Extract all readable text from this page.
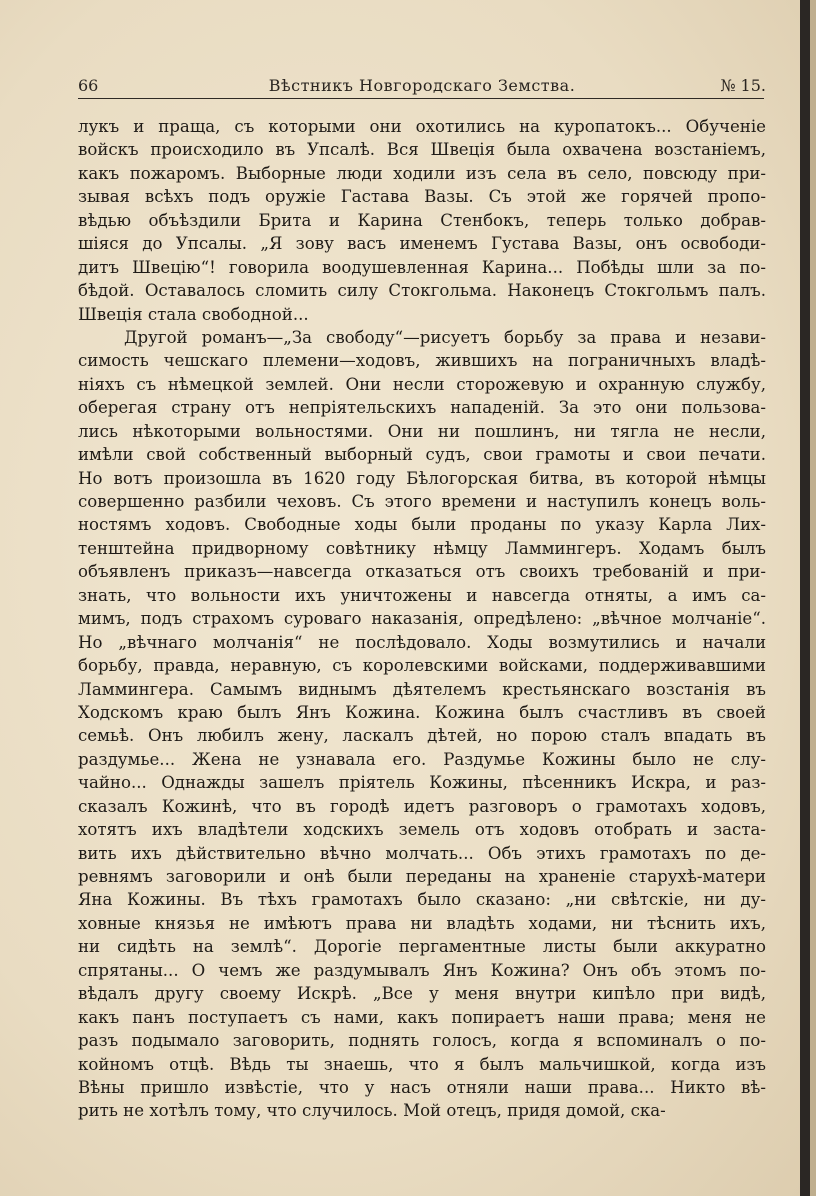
66	Вѣстникъ Новгородскаго Земства.	№ 15.
лукъ и праща, съ которыми они охотились на куропатокъ... Обученіе
войскъ происходило въ Упсалѣ. Вся Швеція была охвачена возстаніемъ,
какъ пожаромъ. Выборные люди ходили изъ села въ село, повсюду при-
зывая всѣхъ подъ оружіе Гастава Вазы. Съ этой же горячей пропо-
вѣдью объѣздили Брита и Карина Стенбокъ, теперь только добрав-
шіяся до Упсалы. „Я зову васъ именемъ Густава Вазы, онъ освободи-
дитъ Швецію“! говорила воодушевленная Карина... Побѣды шли за по-
бѣдой. Оставалось сломить силу Стокгольма. Наконецъ Стокгольмъ палъ.
Швеція стала свободной...
Другой романъ—„За свободу“—рисуетъ борьбу за права и незави-
симость чешскаго племени—ходовъ, жившихъ на пограничныхъ владѣ-
ніяхъ съ нѣмецкой землей. Они несли сторожевую и охранную службу,
оберегая страну отъ непріятельскихъ нападеній. За это они пользова-
лись нѣкоторыми вольностями. Они ни пошлинъ, ни тягла не несли,
имѣли свой собственный выборный судъ, свои грамоты и свои печати.
Но вотъ произошла въ 1620 году Бѣлогорская битва, въ которой нѣмцы
совершенно разбили чеховъ. Съ этого времени и наступилъ конецъ воль-
ностямъ ходовъ. Свободные ходы были проданы по указу Карла Лих-
тенштейна придворному совѣтнику нѣмцу Ламмингеръ. Ходамъ былъ
объявленъ приказъ—навсегда отказаться отъ своихъ требованій и при-
знать, что вольности ихъ уничтожены и навсегда отняты, а имъ са-
мимъ, подъ страхомъ суроваго наказанія, опредѣлено: „вѣчное молчаніе“.
Но „вѣчнаго молчанія“ не послѣдовало. Ходы возмутились и начали
борьбу, правда, неравную, съ королевскими войсками, поддерживавшими
Ламмингера. Самымъ виднымъ дѣятелемъ крестьянскаго возстанія въ
Ходскомъ краю былъ Янъ Кожина. Кожина былъ счастливъ въ своей
семьѣ. Онъ любилъ жену, ласкалъ дѣтей, но порою сталъ впадать въ
раздумье... Жена не узнавала его. Раздумье Кожины было не слу-
чайно... Однажды зашелъ пріятель Кожины, пѣсенникъ Искра, и раз-
сказалъ Кожинѣ, что въ городѣ идетъ разговоръ о грамотахъ ходовъ,
хотятъ ихъ владѣтели ходскихъ земель отъ ходовъ отобрать и заста-
вить ихъ дѣйствительно вѣчно молчать... Объ этихъ грамотахъ по де-
ревнямъ заговорили и онѣ были переданы на храненіе старухѣ-матери
Яна Кожины. Въ тѣхъ грамотахъ было сказано: „ни свѣтскіе, ни ду-
ховные князья не имѣютъ права ни владѣть ходами, ни тѣснить ихъ,
ни сидѣть на землѣ“. Дорогіе пергаментные листы были аккуратно
спрятаны... О чемъ же раздумывалъ Янъ Кожина? Онъ объ этомъ по-
вѣдалъ другу своему Искрѣ. „Все у меня внутри кипѣло при видѣ,
какъ панъ поступаетъ съ нами, какъ попираетъ наши права; меня не
разъ подымало заговорить, поднять голосъ, когда я вспоминалъ о по-
койномъ отцѣ. Вѣдь ты знаешь, что я былъ мальчишкой, когда изъ
Вѣны пришло извѣстіе, что у насъ отняли наши права... Никто вѣ-
рить не хотѣлъ тому, что случилось. Мой отецъ, придя домой, ска-
